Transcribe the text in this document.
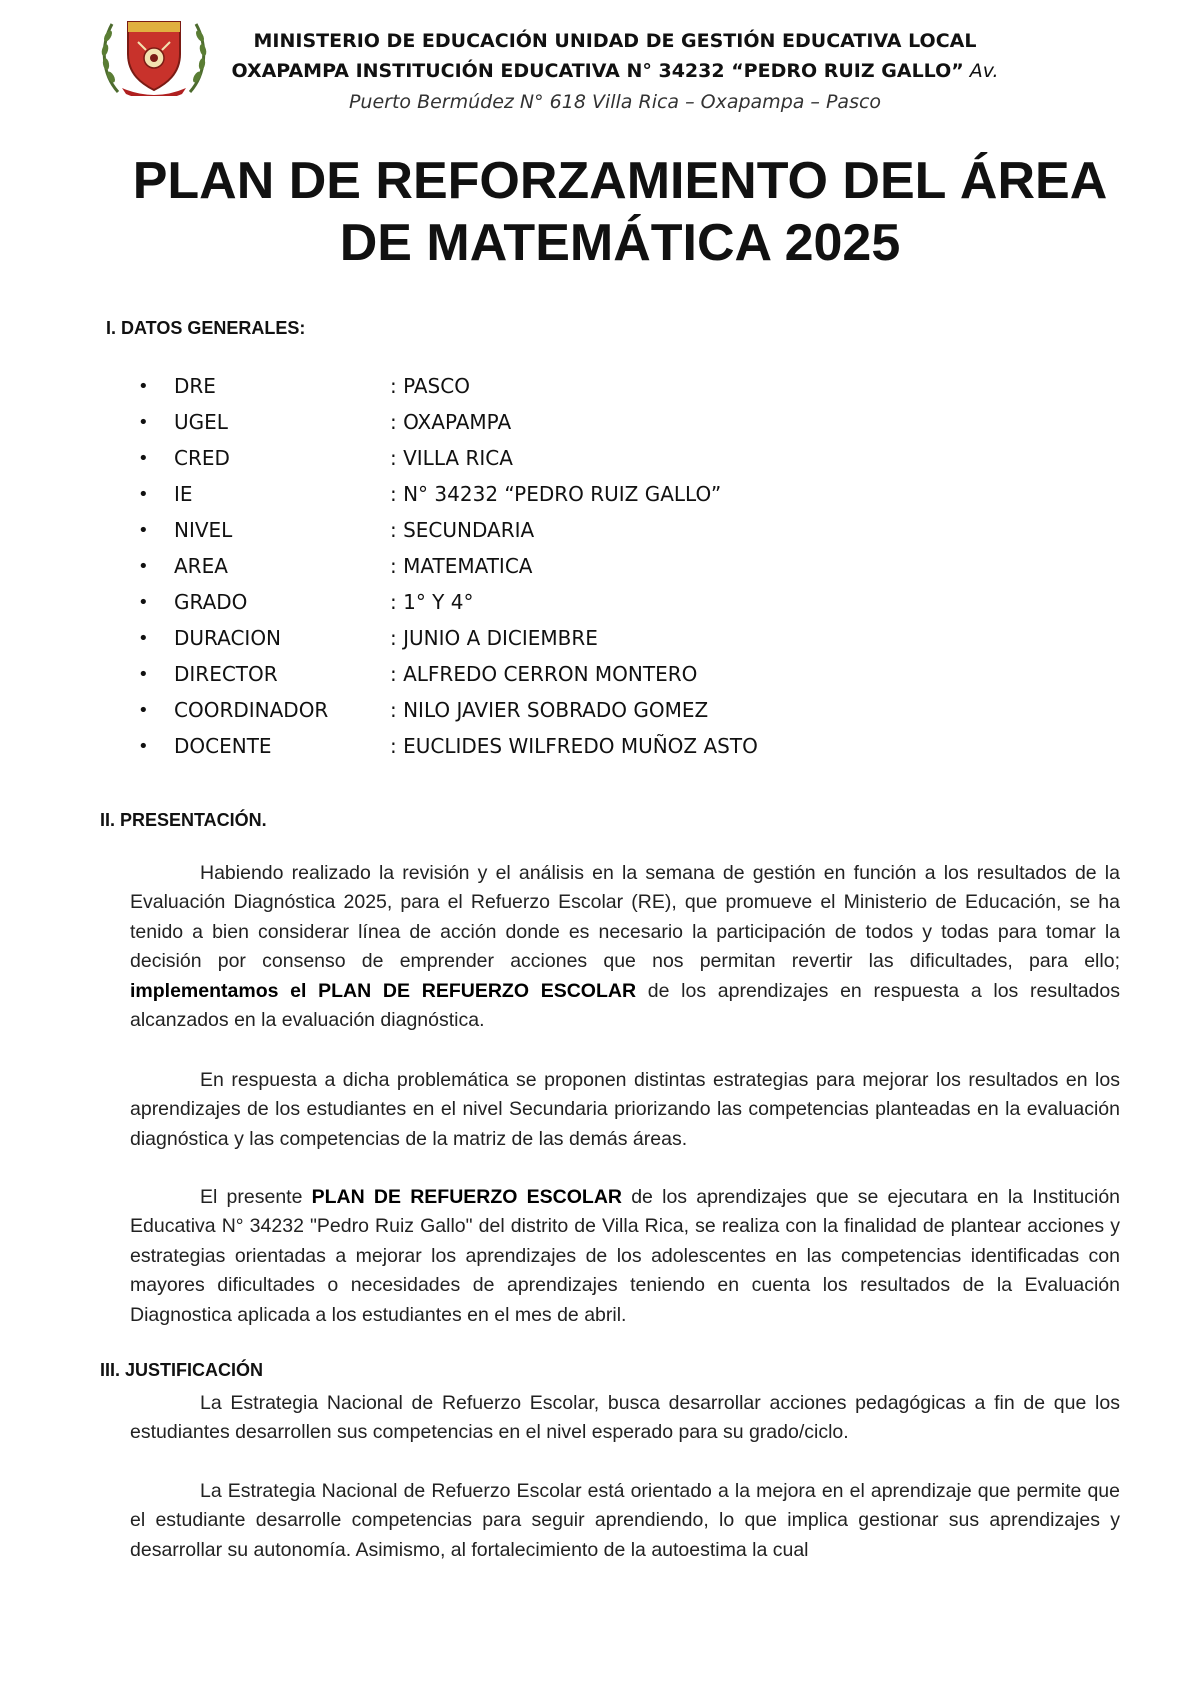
MINISTERIO DE EDUCACIÓN UNIDAD DE GESTIÓN EDUCATIVA LOCAL
OXAPAMPA INSTITUCIÓN EDUCATIVA N° 34232 “PEDRO RUIZ GALLO” Av.
Puerto Bermúdez N° 618 Villa Rica – Oxapampa – Pasco
PLAN DE REFORZAMIENTO DEL ÁREA
DE MATEMÁTICA 2025
I. DATOS GENERALES:
•	DRE	: PASCO
•	UGEL	: OXAPAMPA
•	CRED	: VILLA RICA
•	IE	: N° 34232 “PEDRO RUIZ GALLO”
•	NIVEL	: SECUNDARIA
•	AREA	: MATEMATICA
•	GRADO	: 1° Y 4°
•	DURACION	: JUNIO A DICIEMBRE
•	DIRECTOR	: ALFREDO CERRON MONTERO
•	COORDINADOR	: NILO JAVIER SOBRADO GOMEZ
•	DOCENTE	: EUCLIDES WILFREDO MUÑOZ ASTO
II. PRESENTACIÓN.
Habiendo realizado la revisión y el análisis en la semana de gestión en función a los resultados de la Evaluación Diagnóstica 2025, para el Refuerzo Escolar (RE), que promueve el Ministerio de Educación, se ha tenido a bien considerar línea de acción donde es necesario la participación de todos y todas para tomar la decisión por consenso de emprender acciones que nos permitan revertir las dificultades, para ello; implementamos el PLAN DE REFUERZO ESCOLAR de los aprendizajes en respuesta a los resultados alcanzados en la evaluación diagnóstica.
En respuesta a dicha problemática se proponen distintas estrategias para mejorar los resultados en los aprendizajes de los estudiantes en el nivel Secundaria priorizando las competencias planteadas en la evaluación diagnóstica y las competencias de la matriz de las demás áreas.
El presente PLAN DE REFUERZO ESCOLAR de los aprendizajes que se ejecutara en la Institución Educativa N° 34232 "Pedro Ruiz Gallo" del distrito de Villa Rica, se realiza con la finalidad de plantear acciones y estrategias orientadas a mejorar los aprendizajes de los adolescentes en las competencias identificadas con mayores dificultades o necesidades de aprendizajes teniendo en cuenta los resultados de la Evaluación Diagnostica aplicada a los estudiantes en el mes de abril.
III. JUSTIFICACIÓN
La Estrategia Nacional de Refuerzo Escolar, busca desarrollar acciones pedagógicas a fin de que los estudiantes desarrollen sus competencias en el nivel esperado para su grado/ciclo.
La Estrategia Nacional de Refuerzo Escolar está orientado a la mejora en el aprendizaje que permite que el estudiante desarrolle competencias para seguir aprendiendo, lo que implica gestionar sus aprendizajes y desarrollar su autonomía. Asimismo, al fortalecimiento de la autoestima la cual
